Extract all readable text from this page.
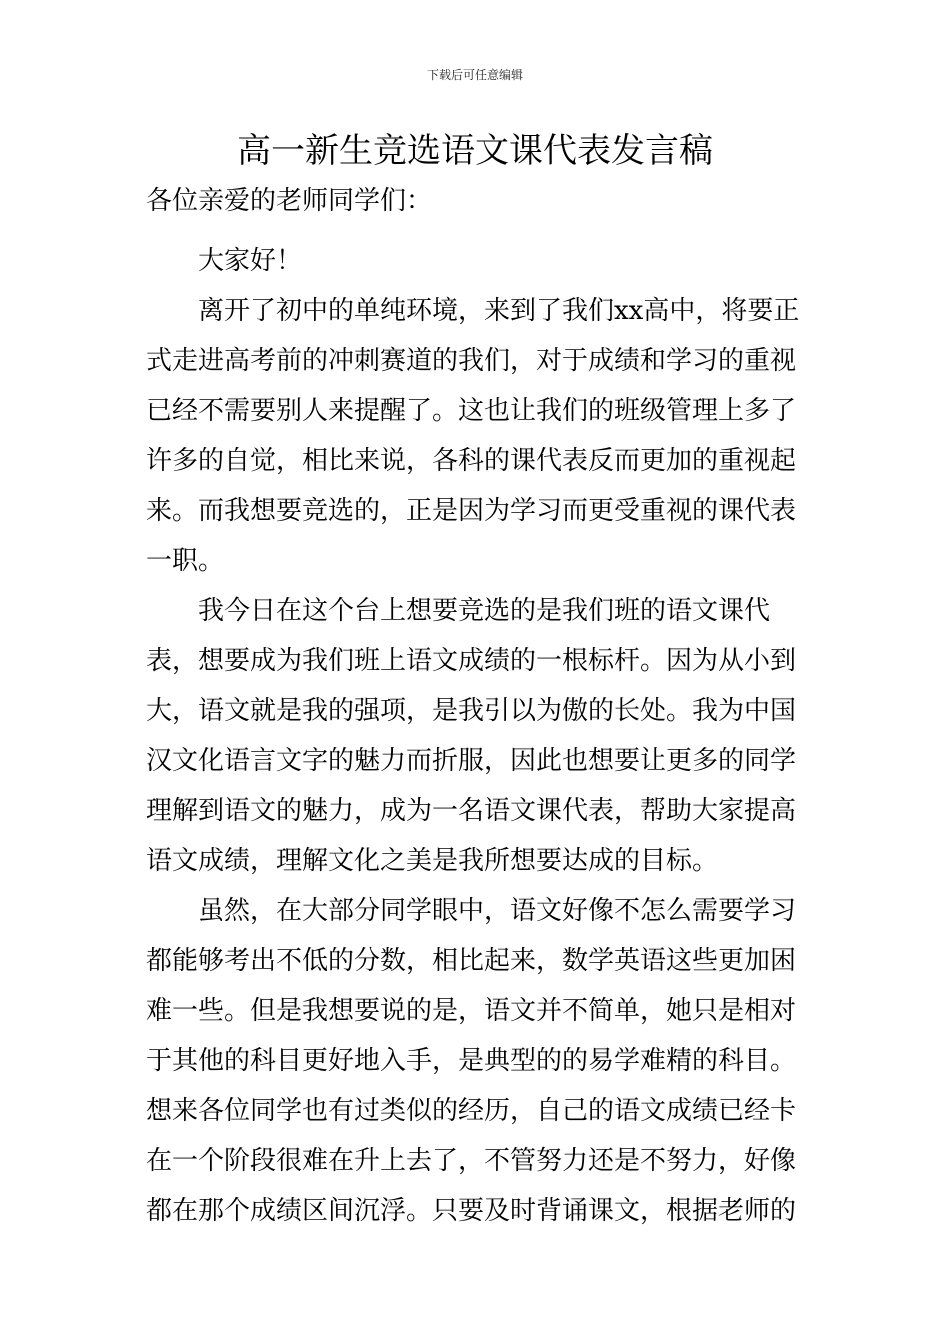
下载后可任意编辑
高一新生竞选语文课代表发言稿

各位亲爱的老师同学们：

大家好！

离开了初中的单纯环境，来到了我们xx高中，将要正式走进高考前的冲刺赛道的我们，对于成绩和学习的重视已经不需要别人来提醒了。这也让我们的班级管理上多了许多的自觉，相比来说，各科的课代表反而更加的重视起来。而我想要竞选的，正是因为学习而更受重视的课代表一职。

我今日在这个台上想要竞选的是我们班的语文课代表，想要成为我们班上语文成绩的一根标杆。因为从小到大，语文就是我的强项，是我引以为傲的长处。我为中国汉文化语言文字的魅力而折服，因此也想要让更多的同学理解到语文的魅力，成为一名语文课代表，帮助大家提高语文成绩，理解文化之美是我所想要达成的目标。

虽然，在大部分同学眼中，语文好像不怎么需要学习都能够考出不低的分数，相比起来，数学英语这些更加困难一些。但是我想要说的是，语文并不简单，她只是相对于其他的科目更好地入手，是典型的的易学难精的科目。想来各位同学也有过类似的经历，自己的语文成绩已经卡在一个阶段很难在升上去了，不管努力还是不努力，好像都在那个成绩区间沉浮。只要及时背诵课文，根据老师的
